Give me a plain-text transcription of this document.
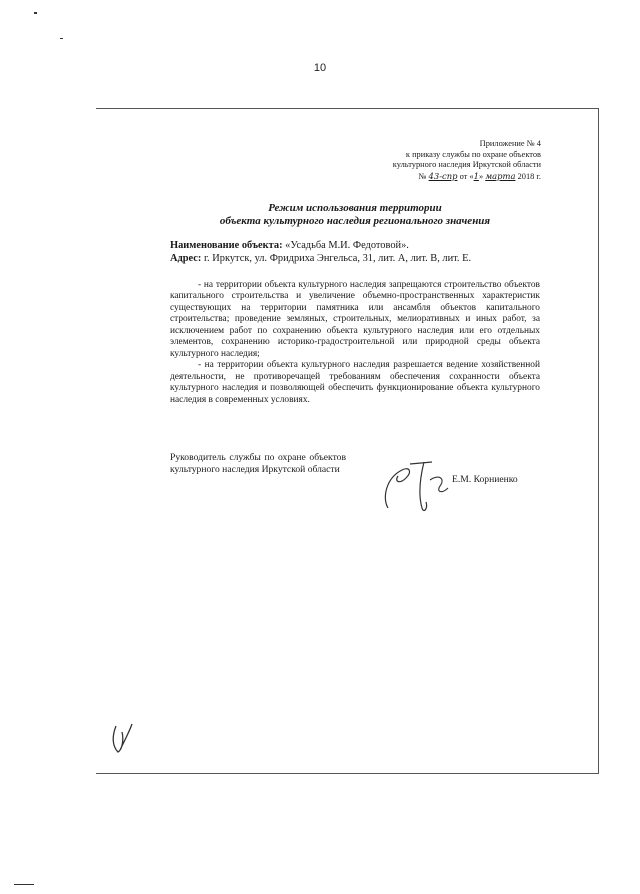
10
Приложение № 4
к приказу службы по охране объектов
культурного наследия Иркутской области
№ 43-спр от «1» марта 2018 г.
Режим использования территории
объекта культурного наследия регионального значения
Наименование объекта: «Усадьба М.И. Федотовой».
Адрес: г. Иркутск, ул. Фридриха Энгельса, 31, лит. А, лит. В, лит. Е.

- на территории объекта культурного наследия запрещаются строительство объектов капитального строительства и увеличение объемно-пространственных характеристик существующих на территории памятника или ансамбля объектов капитального строительства; проведение земляных, строительных, мелиоративных и иных работ, за исключением работ по сохранению объекта культурного наследия или его отдельных элементов, сохранению историко-градостроительной или природной среды объекта культурного наследия;

- на территории объекта культурного наследия разрешается ведение хозяйственной деятельности, не противоречащей требованиям обеспечения сохранности объекта культурного наследия и позволяющей обеспечить функционирование объекта культурного наследия в современных условиях.

Руководитель службы по охране объектов культурного наследия Иркутской области
Е.М. Корниенко
